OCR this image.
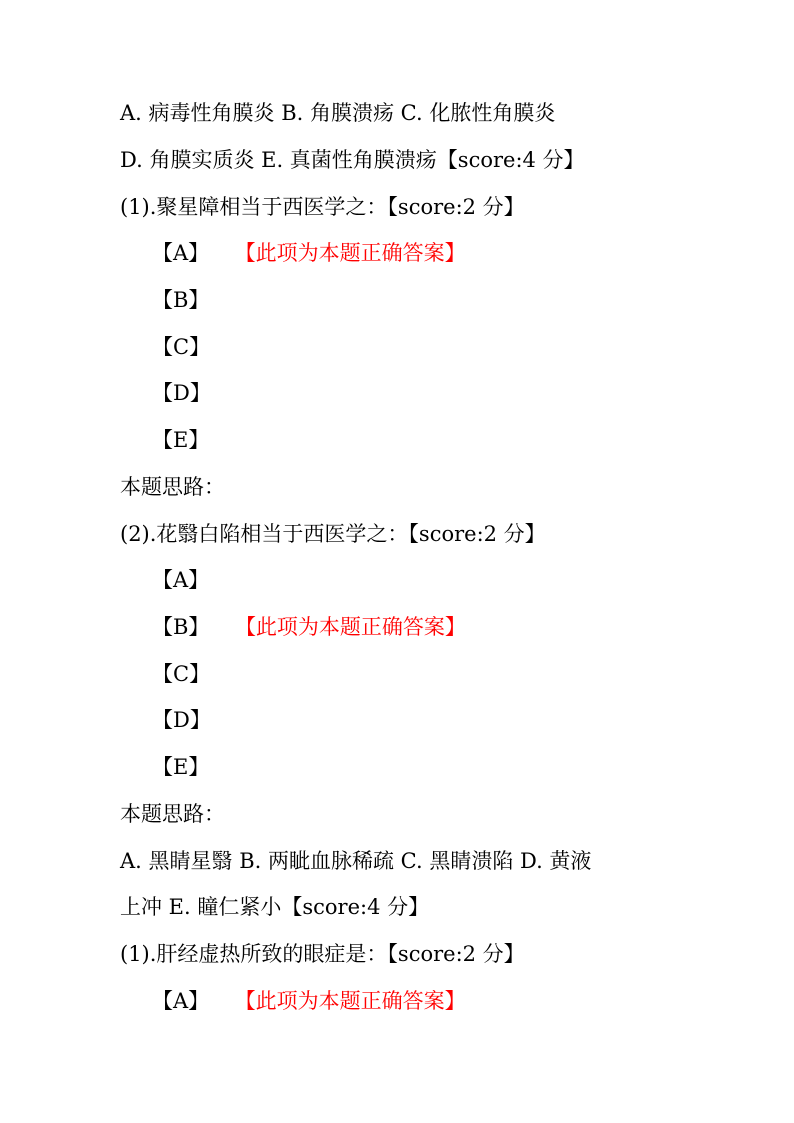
A. 病毒性角膜炎 B. 角膜溃疡 C. 化脓性角膜炎
D. 角膜实质炎 E. 真菌性角膜溃疡【score:4 分】
(1).聚星障相当于西医学之：【score:2 分】
【A】 【此项为本题正确答案】
【B】
【C】
【D】
【E】
本题思路：
(2).花翳白陷相当于西医学之：【score:2 分】
【A】
【B】 【此项为本题正确答案】
【C】
【D】
【E】
本题思路：
A. 黑睛星翳 B. 两眦血脉稀疏 C. 黑睛溃陷 D. 黄液
上冲 E. 瞳仁紧小【score:4 分】
(1).肝经虚热所致的眼症是：【score:2 分】
【A】 【此项为本题正确答案】
